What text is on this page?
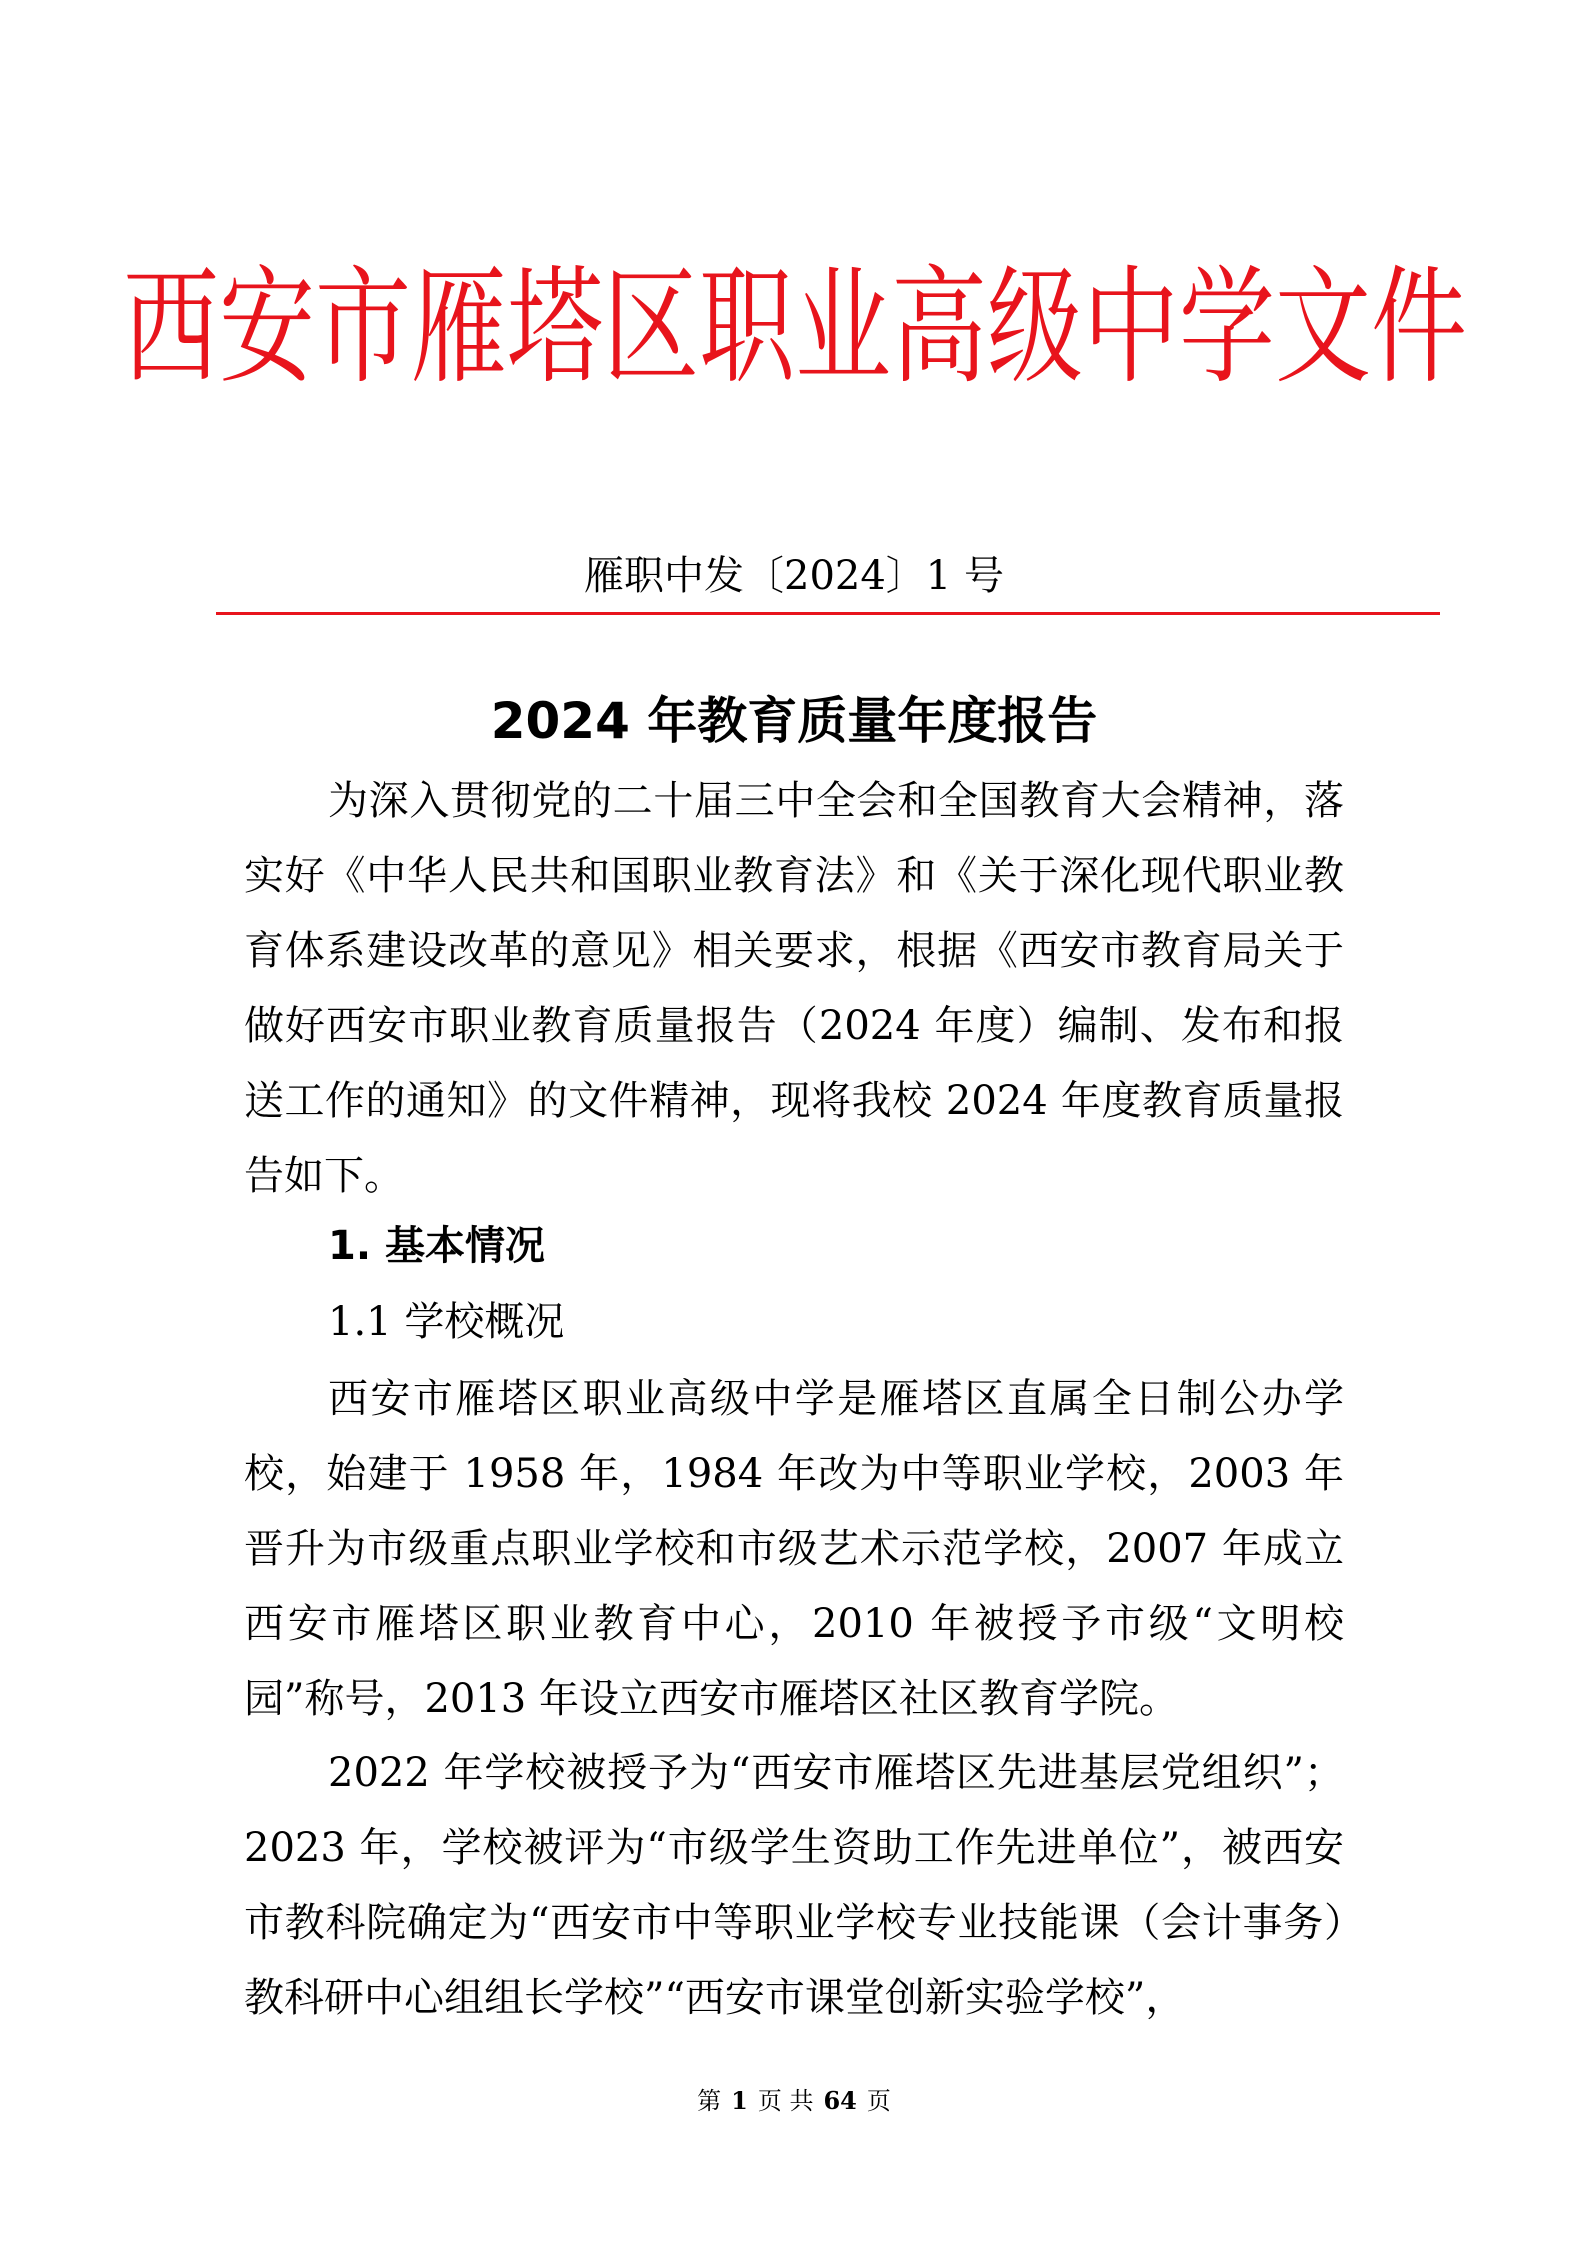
西安市雁塔区职业高级中学文件
雁职中发〔2024〕1 号
2024 年教育质量年度报告

为深入贯彻党的二十届三中全会和全国教育大会精神，落实好《中华人民共和国职业教育法》和《关于深化现代职业教育体系建设改革的意见》相关要求，根据《西安市教育局关于做好西安市职业教育质量报告（2024 年度）编制、发布和报送工作的通知》的文件精神，现将我校 2024 年度教育质量报告如下。

1. 基本情况

1.1 学校概况

西安市雁塔区职业高级中学是雁塔区直属全日制公办学校，始建于 1958 年，1984 年改为中等职业学校，2003 年晋升为市级重点职业学校和市级艺术示范学校，2007 年成立西安市雁塔区职业教育中心，2010 年被授予市级“文明校园”称号，2013 年设立西安市雁塔区社区教育学院。

2022 年学校被授予为“西安市雁塔区先进基层党组织”；2023 年，学校被评为“市级学生资助工作先进单位”，被西安市教科院确定为“西安市中等职业学校专业技能课（会计事务）教科研中心组组长学校”“西安市课堂创新实验学校”，

第 1 页 共 64 页
